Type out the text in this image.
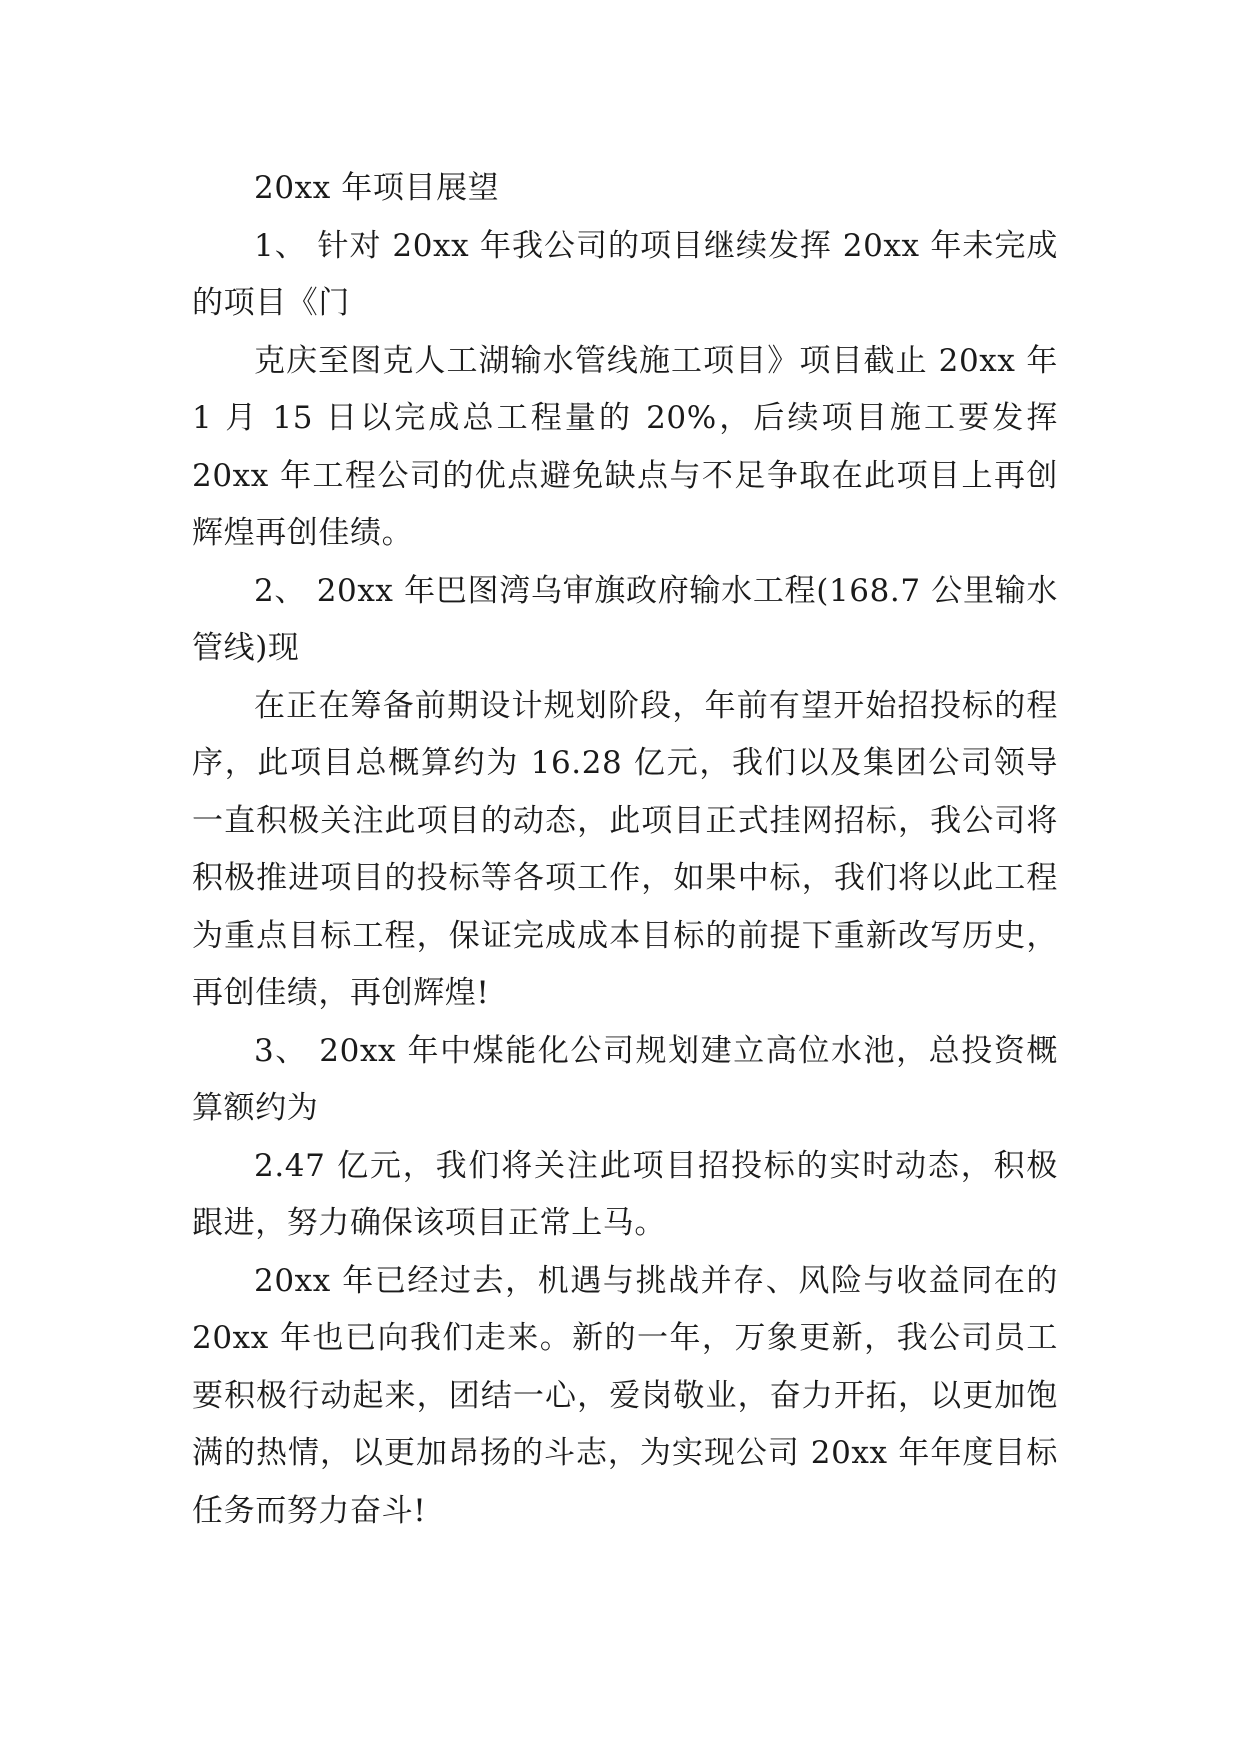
20xx 年项目展望

1、 针对 20xx 年我公司的项目继续发挥 20xx 年未完成的项目《门

克庆至图克人工湖输水管线施工项目》项目截止 20xx 年 1 月 15 日以完成总工程量的 20%，后续项目施工要发挥 20xx 年工程公司的优点避免缺点与不足争取在此项目上再创辉煌再创佳绩。

2、 20xx 年巴图湾乌审旗政府输水工程(168.7 公里输水管线)现

在正在筹备前期设计规划阶段，年前有望开始招投标的程序，此项目总概算约为 16.28 亿元，我们以及集团公司领导一直积极关注此项目的动态，此项目正式挂网招标，我公司将积极推进项目的投标等各项工作，如果中标，我们将以此工程为重点目标工程，保证完成成本目标的前提下重新改写历史，再创佳绩，再创辉煌!

3、 20xx 年中煤能化公司规划建立高位水池，总投资概算额约为

2.47 亿元，我们将关注此项目招投标的实时动态，积极跟进，努力确保该项目正常上马。

20xx 年已经过去，机遇与挑战并存、风险与收益同在的 20xx 年也已向我们走来。新的一年，万象更新，我公司员工要积极行动起来，团结一心，爱岗敬业，奋力开拓，以更加饱满的热情，以更加昂扬的斗志，为实现公司 20xx 年年度目标任务而努力奋斗!
